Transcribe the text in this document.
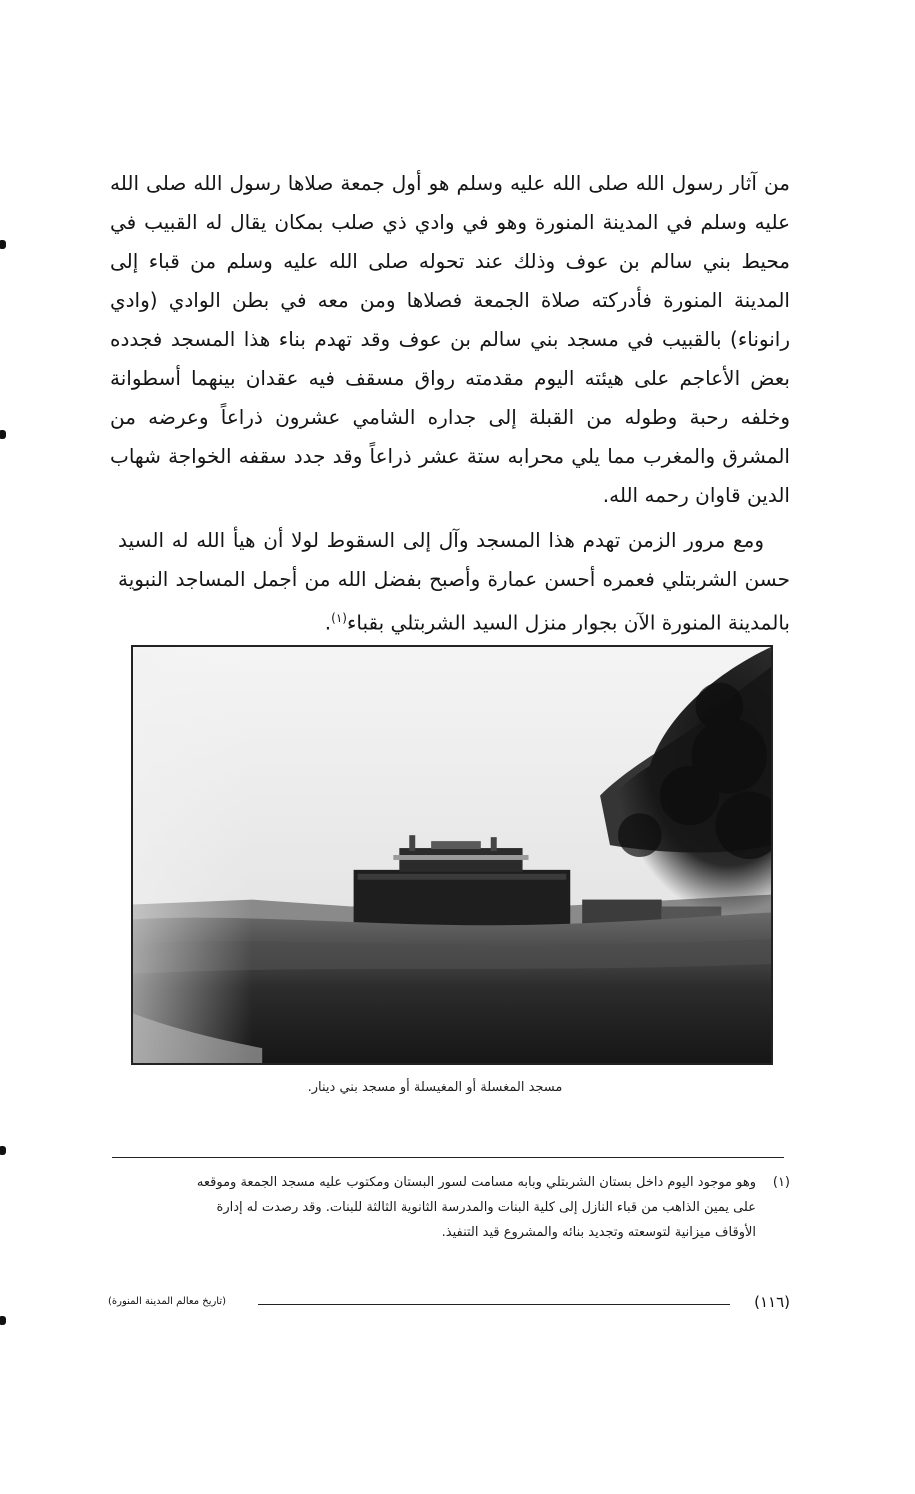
من آثار رسول الله صلى الله عليه وسلم هو أول جمعة صلاها رسول الله صلى الله عليه وسلم في المدينة المنورة وهو في وادي ذي صلب بمكان يقال له القبيب في محيط بني سالم بن عوف وذلك عند تحوله صلى الله عليه وسلم من قباء إلى المدينة المنورة فأدركته صلاة الجمعة فصلاها ومن معه في بطن الوادي (وادي رانوناء) بالقبيب في مسجد بني سالم بن عوف وقد تهدم بناء هذا المسجد فجدده بعض الأعاجم على هيئته اليوم مقدمته رواق مسقف فيه عقدان بينهما أسطوانة وخلفه رحبة وطوله من القبلة إلى جداره الشامي عشرون ذراعاً وعرضه من المشرق والمغرب مما يلي محرابه ستة عشر ذراعاً وقد جدد سقفه الخواجة شهاب الدين قاوان رحمه الله.

ومع مرور الزمن تهدم هذا المسجد وآل إلى السقوط لولا أن هيأ الله له السيد حسن الشربتلي فعمره أحسن عمارة وأصبح بفضل الله من أجمل المساجد النبوية بالمدينة المنورة الآن بجوار منزل السيد الشربتلي بقباء$^{(١)}$.

مسجد المغسلة أو المغيسلة أو مسجد بني دينار.

(١)وهو موجود اليوم داخل بستان الشربتلي وبابه مسامت لسور البستان ومكتوب عليه مسجد الجمعة وموقعه
على يمين الذاهب من قباء النازل إلى كلية البنات والمدرسة الثانوية الثالثة للبنات. وقد رصدت له إدارة
الأوقاف ميزانية لتوسعته وتجديد بنائه والمشروع قيد التنفيذ.

(١١٦)
(تاريخ معالم المدينة المنورة)
